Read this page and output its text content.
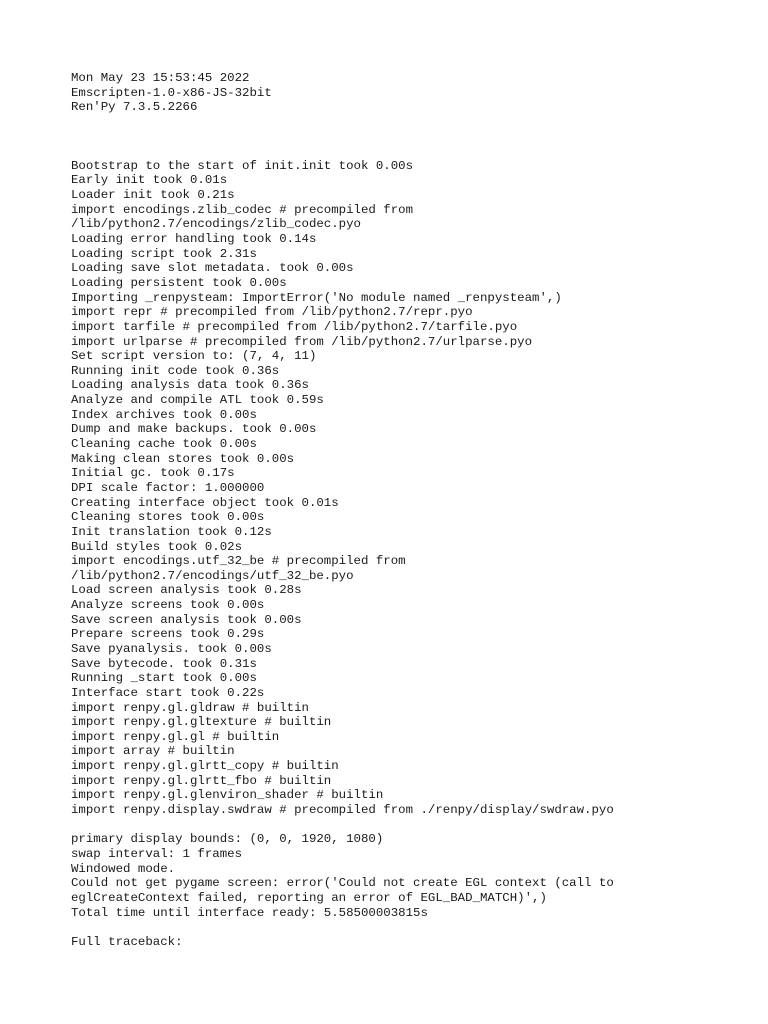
Mon May 23 15:53:45 2022
Emscripten-1.0-x86-JS-32bit
Ren'Py 7.3.5.2266
Bootstrap to the start of init.init took 0.00s
Early init took 0.01s
Loader init took 0.21s
import encodings.zlib_codec # precompiled from
/lib/python2.7/encodings/zlib_codec.pyo
Loading error handling took 0.14s
Loading script took 2.31s
Loading save slot metadata. took 0.00s
Loading persistent took 0.00s
Importing _renpysteam: ImportError('No module named _renpysteam',)
import repr # precompiled from /lib/python2.7/repr.pyo
import tarfile # precompiled from /lib/python2.7/tarfile.pyo
import urlparse # precompiled from /lib/python2.7/urlparse.pyo
Set script version to: (7, 4, 11)
Running init code took 0.36s
Loading analysis data took 0.36s
Analyze and compile ATL took 0.59s
Index archives took 0.00s
Dump and make backups. took 0.00s
Cleaning cache took 0.00s
Making clean stores took 0.00s
Initial gc. took 0.17s
DPI scale factor: 1.000000
Creating interface object took 0.01s
Cleaning stores took 0.00s
Init translation took 0.12s
Build styles took 0.02s
import encodings.utf_32_be # precompiled from
/lib/python2.7/encodings/utf_32_be.pyo
Load screen analysis took 0.28s
Analyze screens took 0.00s
Save screen analysis took 0.00s
Prepare screens took 0.29s
Save pyanalysis. took 0.00s
Save bytecode. took 0.31s
Running _start took 0.00s
Interface start took 0.22s
import renpy.gl.gldraw # builtin
import renpy.gl.gltexture # builtin
import renpy.gl.gl # builtin
import array # builtin
import renpy.gl.glrtt_copy # builtin
import renpy.gl.glrtt_fbo # builtin
import renpy.gl.glenviron_shader # builtin
import renpy.display.swdraw # precompiled from ./renpy/display/swdraw.pyo
primary display bounds: (0, 0, 1920, 1080)
swap interval: 1 frames
Windowed mode.
Could not get pygame screen: error('Could not create EGL context (call to
eglCreateContext failed, reporting an error of EGL_BAD_MATCH)',)
Total time until interface ready: 5.58500003815s
Full traceback:
